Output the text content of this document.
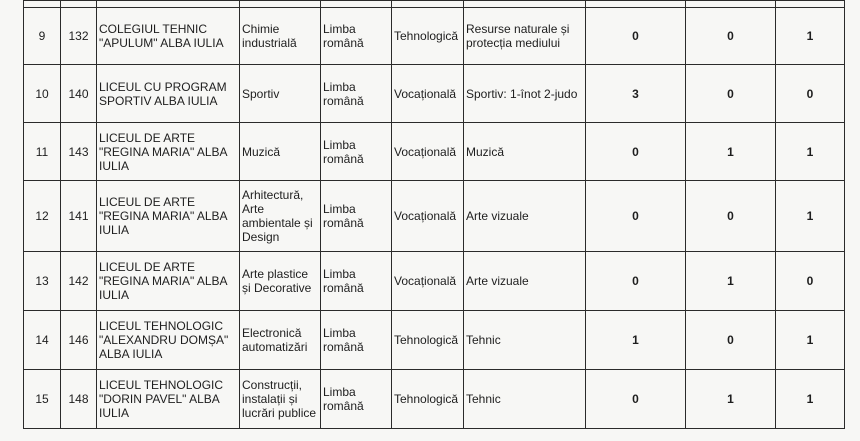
9	132	COLEGIUL TEHNIC "APULUM" ALBA IULIA	Chimie industrială	Limba română	Tehnologică	Resurse naturale și protecția mediului	0	0	1
10	140	LICEUL CU PROGRAM SPORTIV ALBA IULIA	Sportiv	Limba română	Vocațională	Sportiv: 1-înot 2-judo	3	0	0
11	143	LICEUL DE ARTE "REGINA MARIA" ALBA IULIA	Muzică	Limba română	Vocațională	Muzică	0	1	1
12	141	LICEUL DE ARTE "REGINA MARIA" ALBA IULIA	Arhitectură, Arte ambientale și Design	Limba română	Vocațională	Arte vizuale	0	0	1
13	142	LICEUL DE ARTE "REGINA MARIA" ALBA IULIA	Arte plastice și Decorative	Limba română	Vocațională	Arte vizuale	0	1	0
14	146	LICEUL TEHNOLOGIC "ALEXANDRU DOMȘA" ALBA IULIA	Electronică automatizări	Limba română	Tehnologică	Tehnic	1	0	1
15	148	LICEUL TEHNOLOGIC "DORIN PAVEL" ALBA IULIA	Construcții, instalații și lucrări publice	Limba română	Tehnologică	Tehnic	0	1	1
